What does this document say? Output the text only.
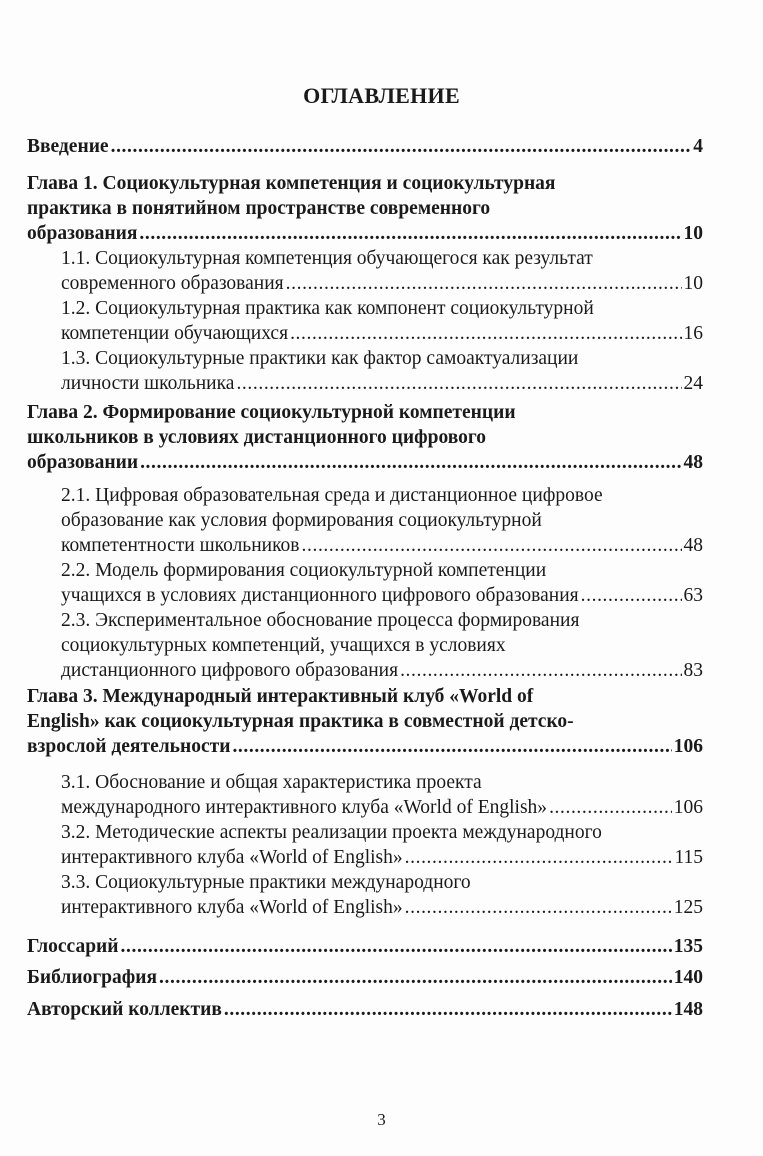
ОГЛАВЛЕНИЕ
Введение .....	4
Глава 1. Социокультурная компетенция и социокультурная
практика в понятийном пространстве современного
образования .....	10
1.1. Социокультурная компетенция обучающегося как результат
современного образования .....	10
1.2. Социокультурная практика как компонент социокультурной
компетенции обучающихся .....	16
1.3. Социокультурные практики как фактор самоактуализации
личности школьника .....	24
Глава 2. Формирование социокультурной компетенции
школьников в условиях дистанционного цифрового
образовании .....	48
2.1. Цифровая образовательная среда и дистанционное цифровое
образование как условия формирования социокультурной
компетентности школьников .....	48
2.2. Модель формирования социокультурной компетенции
учащихся в условиях дистанционного цифрового образования .....	63
2.3. Экспериментальное обоснование процесса формирования
социокультурных компетенций, учащихся в условиях
дистанционного цифрового образования .....	83
Глава 3. Международный интерактивный клуб «World of
English» как социокультурная практика в совместной детско-
взрослой деятельности .....	106
3.1. Обоснование и общая характеристика проекта
международного интерактивного клуба «World of English» .....	106
3.2. Методические аспекты реализации проекта международного
интерактивного клуба «World of English» .....	115
3.3. Социокультурные практики международного
интерактивного клуба «World of English» .....	125
Глоссарий .....	135
Библиография .....	140
Авторский коллектив .....	148
3
